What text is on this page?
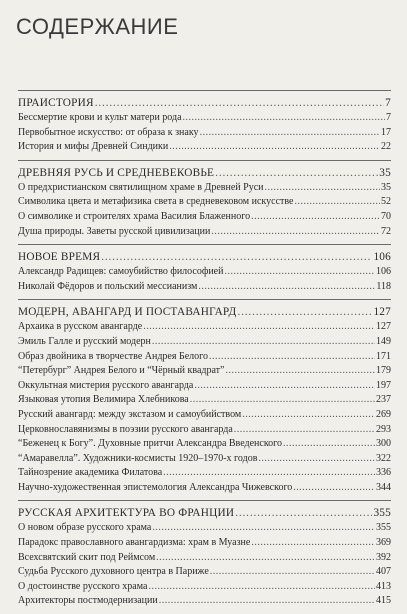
СОДЕРЖАНИЕ
ПРАИСТОРИЯ . . .	7
Бессмертие крови и культ матери рода . . .	7
Первобытное искусство: от образа к знаку . . .	17
История и мифы Древней Синдики . . .	22
ДРЕВНЯЯ РУСЬ И СРЕДНЕВЕКОВЬЕ . . .	35
О предхристианском святилищном храме в Древней Руси . . .	35
Символика цвета и метафизика света в средневековом искусстве . . .	52
О символике и строителях храма Василия Блаженного . . .	70
Душа природы. Заветы русской цивилизации . . .	72
НОВОЕ ВРЕМЯ . . .	106
Александр Радищев: самоубийство философией . . .	106
Николай Фёдоров и польский мессианизм . . .	118
МОДЕРН, АВАНГАРД И ПОСТАВАНГАРД . . .	127
Архаика в русском авангарде . . .	127
Эмиль Галле и русский модерн . . .	149
Образ двойника в творчестве Андрея Белого . . .	171
“Петербург” Андрея Белого и “Чёрный квадрат” . . .	179
Оккультная мистерия русского авангарда . . .	197
Языковая утопия Велимира Хлебникова . . .	237
Русский авангард: между экстазом и самоубийством . . .	269
Церковнославянизмы в поэзии русского авангарда . . .	293
“Беженец к Богу”. Духовные притчи Александра Введенского . . .	300
“Амаравелла”. Художники-космисты 1920–1970-х годов . . .	322
Тайнозрение академика Филатова . . .	336
Научно-художественная эпистемология Александра Чижевского . . .	344
РУССКАЯ АРХИТЕКТУРА ВО ФРАНЦИИ . . .	355
О новом образе русского храма . . .	355
Парадокс православного авангардизма: храм в Муазне . . .	369
Всехсвятский скит под Реймсом . . .	392
Судьба Русского духовного центра в Париже . . .	407
О достоинстве русского храма . . .	413
Архитекторы постмодернизации . . .	415
